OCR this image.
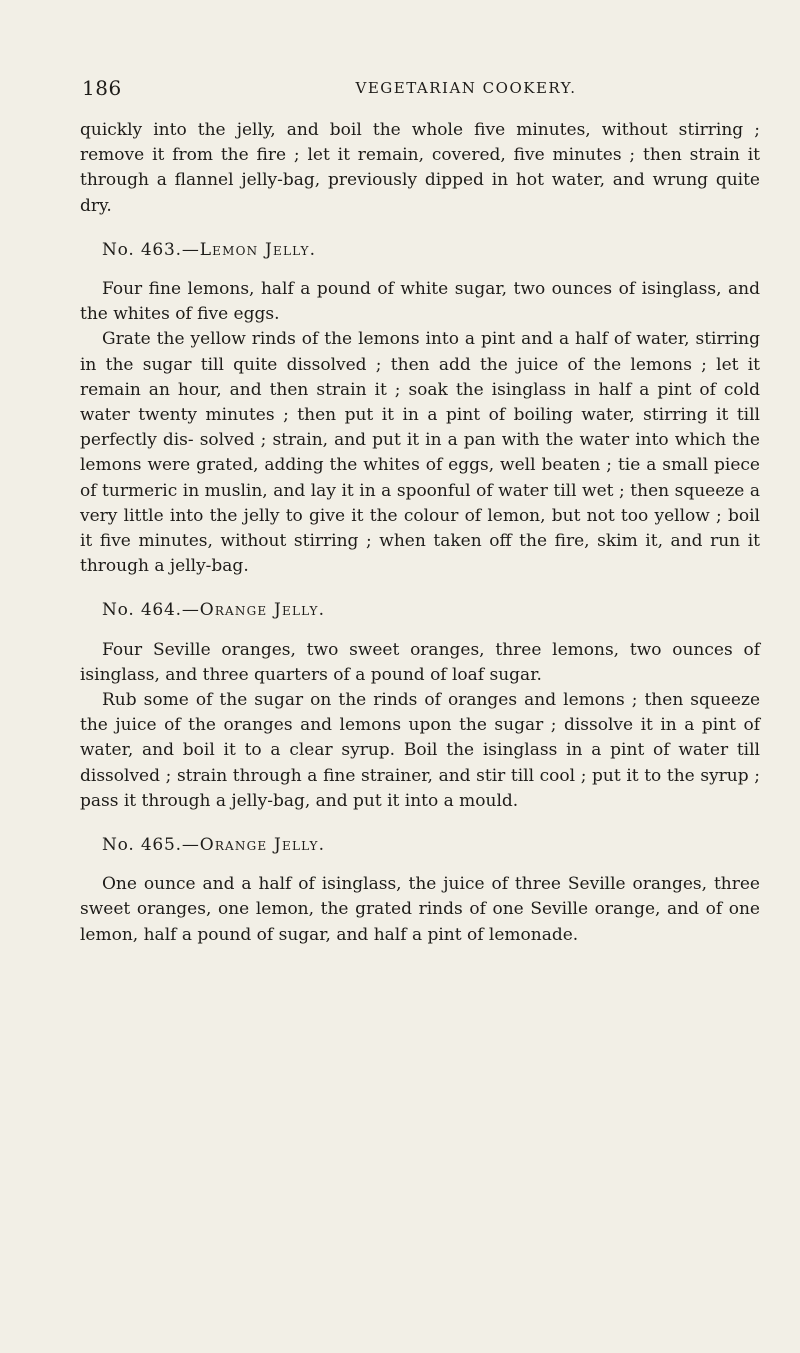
186	VEGETARIAN COOKERY.

quickly into the jelly, and boil the whole five minutes, without stirring ; remove it from the fire ; let it remain, covered, five minutes ; then strain it through a flannel jelly-bag, previously dipped in hot water, and wrung quite dry.

No. 463.—Lemon Jelly.

Four fine lemons, half a pound of white sugar, two ounces of isinglass, and the whites of five eggs.

Grate the yellow rinds of the lemons into a pint and a half of water, stirring in the sugar till quite dissolved ; then add the juice of the lemons ; let it remain an hour, and then strain it ; soak the isinglass in half a pint of cold water twenty minutes ; then put it in a pint of boiling water, stirring it till perfectly dis- solved ; strain, and put it in a pan with the water into which the lemons were grated, adding the whites of eggs, well beaten ; tie a small piece of turmeric in muslin, and lay it in a spoonful of water till wet ; then squeeze a very little into the jelly to give it the colour of lemon, but not too yellow ; boil it five minutes, without stirring ; when taken off the fire, skim it, and run it through a jelly-bag.

No. 464.—Orange Jelly.

Four Seville oranges, two sweet oranges, three lemons, two ounces of isinglass, and three quarters of a pound of loaf sugar.

Rub some of the sugar on the rinds of oranges and lemons ; then squeeze the juice of the oranges and lemons upon the sugar ; dissolve it in a pint of water, and boil it to a clear syrup. Boil the isinglass in a pint of water till dissolved ; strain through a fine strainer, and stir till cool ; put it to the syrup ; pass it through a jelly-bag, and put it into a mould.

No. 465.—Orange Jelly.

One ounce and a half of isinglass, the juice of three Seville oranges, three sweet oranges, one lemon, the grated rinds of one Seville orange, and of one lemon, half a pound of sugar, and half a pint of lemonade.
